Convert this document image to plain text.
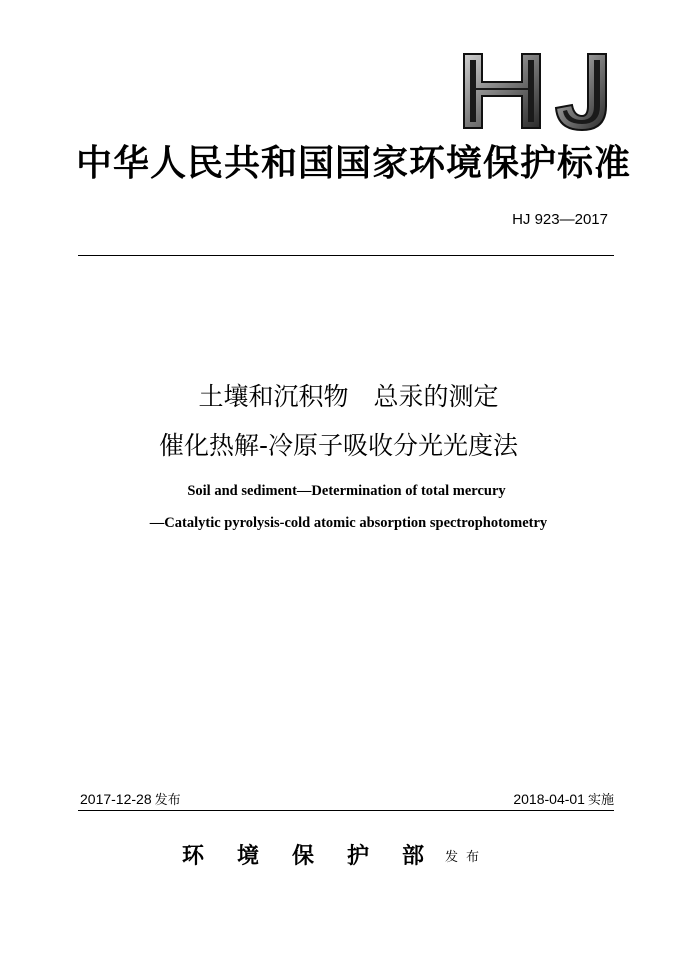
中华人民共和国国家环境保护标准
HJ 923—2017
土壤和沉积物　总汞的测定
催化热解-冷原子吸收分光光度法
Soil and sediment—Determination of total mercury
—Catalytic pyrolysis-cold atomic absorption spectrophotometry
2017-12-28 发布	2018-04-01 实施
环境保护部发布
